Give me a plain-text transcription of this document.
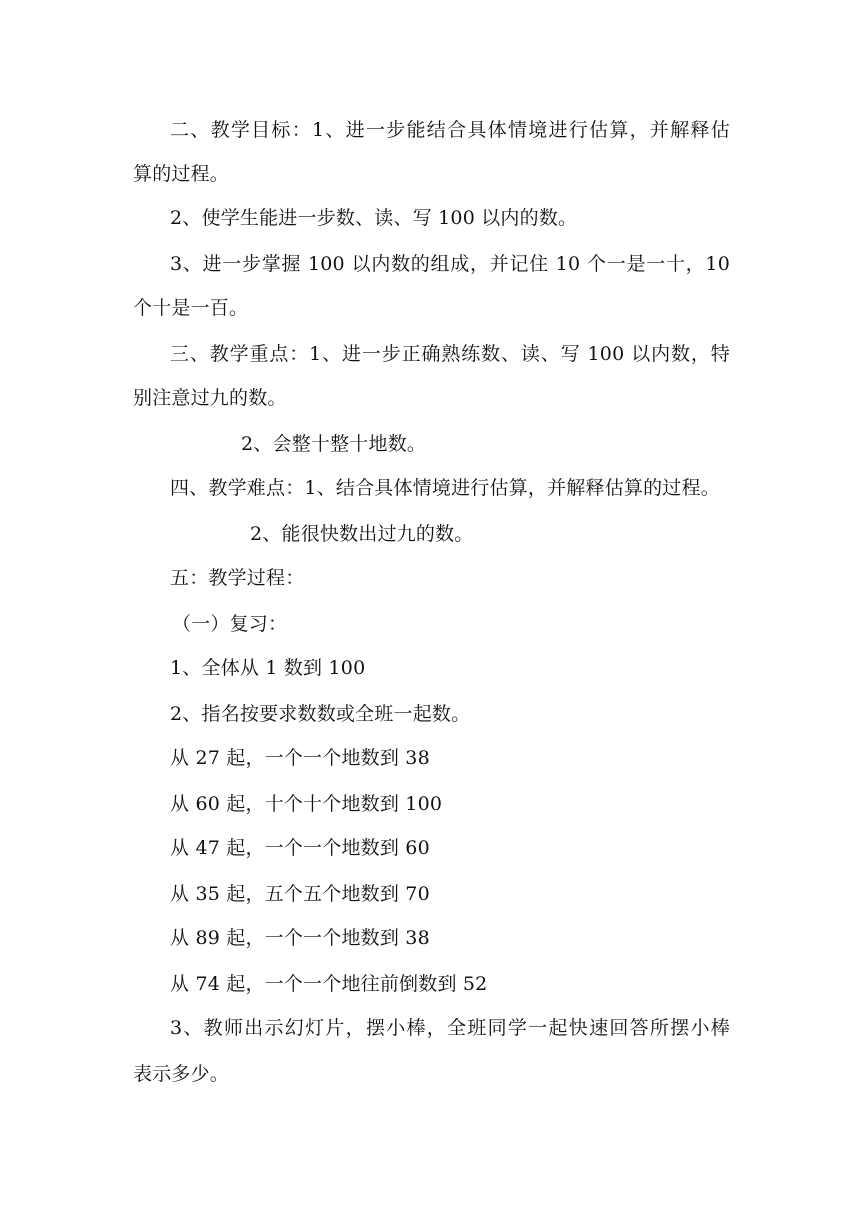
二、教学目标：1、进一步能结合具体情境进行估算，并解释估
算的过程。
2、使学生能进一步数、读、写 100 以内的数。
3、进一步掌握 100 以内数的组成，并记住 10 个一是一十，10
个十是一百。
三、教学重点：1、进一步正确熟练数、读、写 100 以内数，特
别注意过九的数。
2、会整十整十地数。
四、教学难点：1、结合具体情境进行估算，并解释估算的过程。
2、能很快数出过九的数。
五：教学过程：
（一）复习：
1、全体从 1 数到 100
2、指名按要求数数或全班一起数。
从 27 起，一个一个地数到 38
从 60 起，十个十个地数到 100
从 47 起，一个一个地数到 60
从 35 起，五个五个地数到 70
从 89 起，一个一个地数到 38
从 74 起，一个一个地往前倒数到 52
3、教师出示幻灯片，摆小棒，全班同学一起快速回答所摆小棒
表示多少。
